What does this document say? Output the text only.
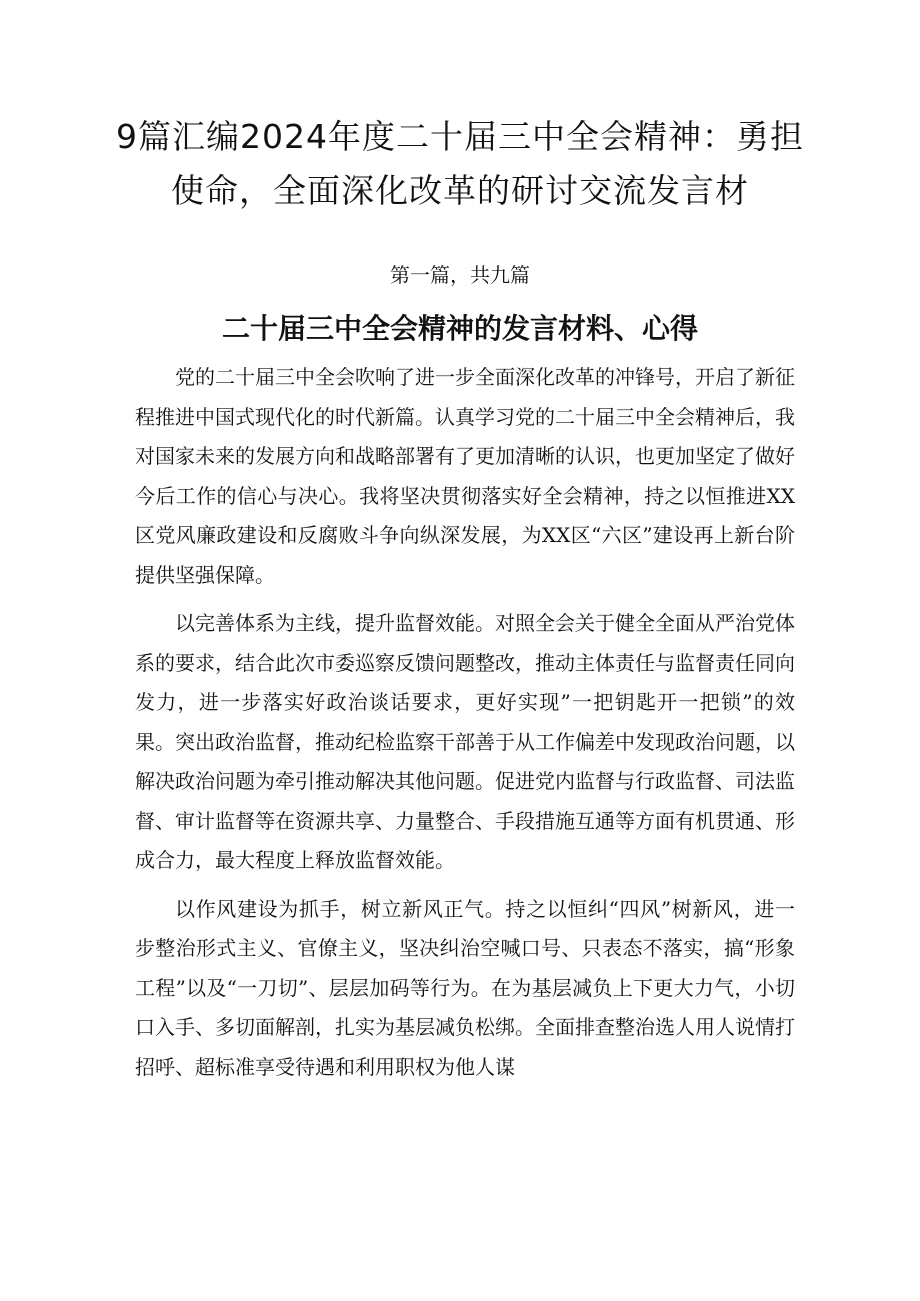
9篇汇编2024年度二十届三中全会精神：勇担使命，全面深化改革的研讨交流发言材
第一篇，共九篇
二十届三中全会精神的发言材料、心得

党的二十届三中全会吹响了进一步全面深化改革的冲锋号，开启了新征程推进中国式现代化的时代新篇。认真学习党的二十届三中全会精神后，我对国家未来的发展方向和战略部署有了更加清晰的认识，也更加坚定了做好今后工作的信心与决心。我将坚决贯彻落实好全会精神，持之以恒推进XX区党风廉政建设和反腐败斗争向纵深发展，为XX区“六区”建设再上新台阶提供坚强保障。

以完善体系为主线，提升监督效能。对照全会关于健全全面从严治党体系的要求，结合此次市委巡察反馈问题整改，推动主体责任与监督责任同向发力，进一步落实好政治谈话要求，更好实现”一把钥匙开一把锁”的效果。突出政治监督，推动纪检监察干部善于从工作偏差中发现政治问题，以解决政治问题为牵引推动解决其他问题。促进党内监督与行政监督、司法监督、审计监督等在资源共享、力量整合、手段措施互通等方面有机贯通、形成合力，最大程度上释放监督效能。

以作风建设为抓手，树立新风正气。持之以恒纠“四风”树新风，进一步整治形式主义、官僚主义，坚决纠治空喊口号、只表态不落实，搞“形象工程”以及“一刀切”、层层加码等行为。在为基层减负上下更大力气，小切口入手、多切面解剖，扎实为基层减负松绑。全面排查整治选人用人说情打招呼、超标准享受待遇和利用职权为他人谋
